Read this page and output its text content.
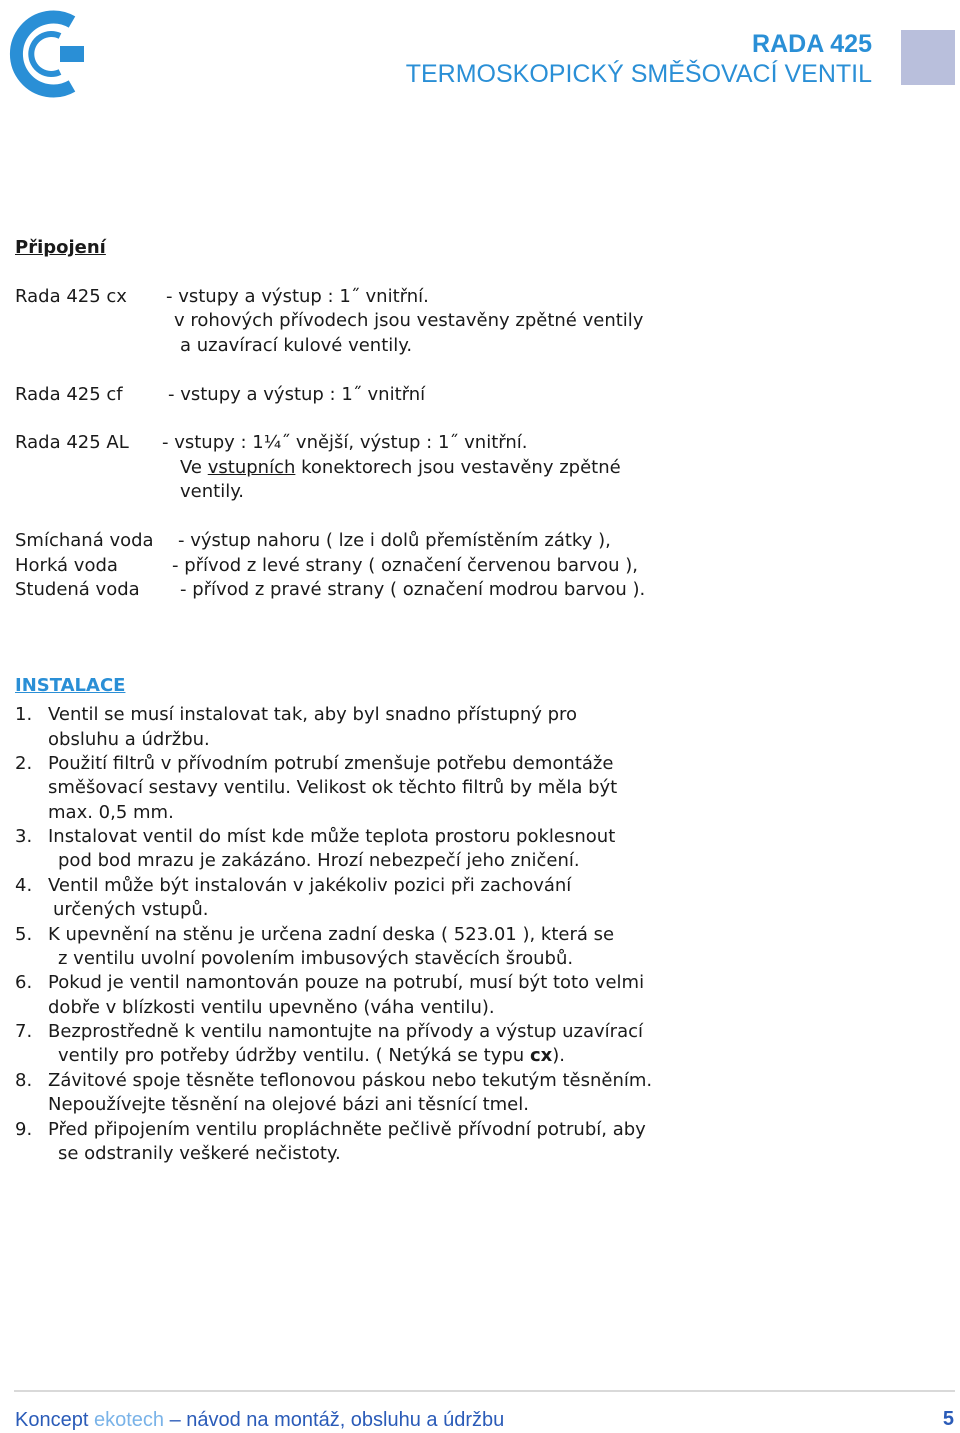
RADA 425
TERMOSKOPICKÝ SMĚŠOVACÍ VENTIL
Připojení
Rada 425 cx - vstupy a výstup : 1˝ vnitřní.
v rohových přívodech jsou vestavěny zpětné ventily
a uzavírací kulové ventily.
Rada 425 cf	- vstupy a výstup : 1˝ vnitřní
Rada 425 AL - vstupy : 1¼˝ vnější, výstup : 1˝ vnitřní.
Ve vstupních konektorech jsou vestavěny zpětné
ventily.
Smíchaná voda - výstup nahoru ( lze i dolů přemístěním zátky ),
Horká voda	- přívod z levé strany ( označení červenou barvou ),
Studená voda - přívod z pravé strany ( označení modrou barvou ).
INSTALACE
1. Ventil se musí instalovat tak, aby byl snadno přístupný pro
obsluhu a údržbu.
2. Použití filtrů v přívodním potrubí zmenšuje potřebu demontáže
směšovací sestavy ventilu. Velikost ok těchto filtrů by měla být
max. 0,5 mm.
3. Instalovat ventil do míst kde může teplota prostoru poklesnout
pod bod mrazu je zakázáno. Hrozí nebezpečí jeho zničení.
4. Ventil může být instalován v jakékoliv pozici při zachování
určených vstupů.
5. K upevnění na stěnu je určena zadní deska ( 523.01 ), která se
z ventilu uvolní povolením imbusových stavěcích šroubů.
6. Pokud je ventil namontován pouze na potrubí, musí být toto velmi
dobře v blízkosti ventilu upevněno (váha ventilu).
7. Bezprostředně k ventilu namontujte na přívody a výstup uzavírací
ventily pro potřeby údržby ventilu. ( Netýká se typu cx).
8. Závitové spoje těsněte teflonovou páskou nebo tekutým těsněním.
Nepoužívejte těsnění na olejové bázi ani těsnící tmel.
9. Před připojením ventilu propláchněte pečlivě přívodní potrubí, aby
se odstranily veškeré nečistoty.
Koncept ekotech – návod na montáž, obsluhu a údržbu	5
